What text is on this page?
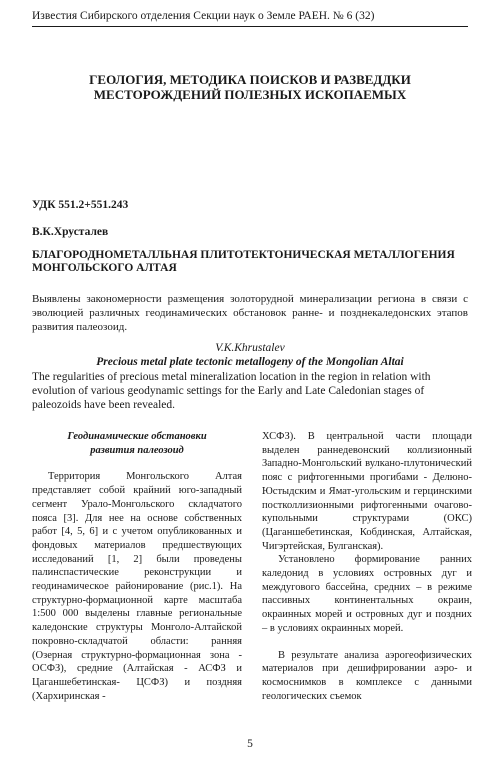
Известия Сибирского отделения Секции наук о Земле РАЕН. № 6 (32)
ГЕОЛОГИЯ, МЕТОДИКА ПОИСКОВ И РАЗВЕДДКИ
МЕСТОРОЖДЕНИЙ ПОЛЕЗНЫХ ИСКОПАЕМЫХ
УДК 551.2+551.243
В.К.Хрусталев
БЛАГОРОДНОМЕТАЛЛЬНАЯ ПЛИТОТЕКТОНИЧЕСКАЯ МЕТАЛЛОГЕНИЯ МОНГОЛЬСКОГО АЛТАЯ
Выявлены закономерности размещения золоторудной минерализации региона в связи с эволюцией различных геодинамических обстановок ранне- и позднекаледонских этапов развития палеозоид.
V.K.Khrustalev
Precious metal plate tectonic metallogeny of the Mongolian Altai
The regularities of precious metal mineralization location in the region in relation with evolution of various geodynamic settings for the Early and Late Caledonian stages of paleozoids have been revealed.

Геодинамические обстановки

развития палеозоид

Территория Монгольского Алтая представляет собой крайний юго-западный сегмент Урало-Монгольского складчатого пояса [3]. Для нее на основе собственных работ [4, 5, 6] и с учетом опубликованных и фондовых материалов предшествующих исследований [1, 2] были проведены палинспастические реконструкции и геодинамическое районирование (рис.1). На структурно-формационной карте масштаба 1:500 000 выделены главные региональные каледонские структуры Монголо-Алтайской покровно-складчатой области: ранняя (Озерная структурно-формационная зона - ОСФЗ), средние (Алтайская - АСФЗ и Цаганшебетинская- ЦСФЗ) и поздняя (Хархиринская -

ХСФЗ). В центральной части площади выделен раннедевонский коллизионный Западно-Монгольский вулкано-плутонический пояс с рифтогенными прогибами - Делюно-Юстыдским и Ямат-угольским и герцинскими постколлизионными рифтогенными очагово-купольными структурами (ОКС) (Цаганшебетинская, Кобдинская, Алтайская, Чигэртейская, Булганская).

Установлено формирование ранних каледонид в условиях островных дуг и междугового бассейна, средних – в режиме пассивных континентальных окраин, окраинных морей и островных дуг и поздних – в условиях окраинных морей.

В результате анализа аэрогеофизических материалов при дешифрировании аэро- и космоснимков в комплексе с данными геологических съемок

5
